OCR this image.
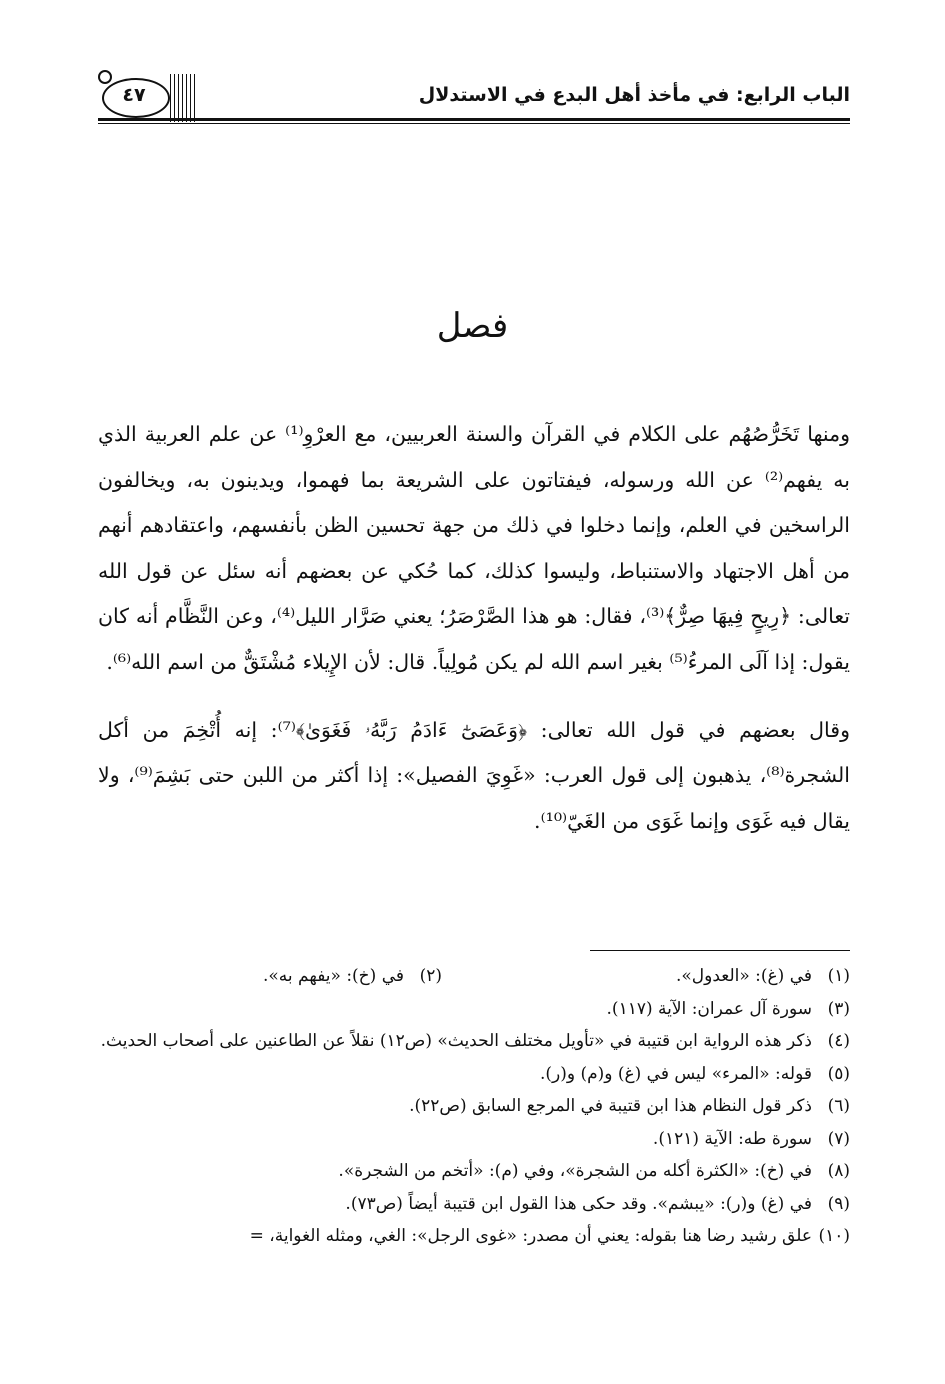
الباب الرابع: في مأخذ أهل البدع في الاستدلال
٤٧
فصل

ومنها تَخَرُّصُهُم على الكلام في القرآن والسنة العربيين، مع العرْوِ⁽¹⁾ عن علم العربية الذي به يفهم⁽²⁾ عن الله ورسوله، فيفتاتون على الشريعة بما فهموا، ويدينون به، ويخالفون الراسخين في العلم، وإنما دخلوا في ذلك من جهة تحسين الظن بأنفسهم، واعتقادهم أنهم من أهل الاجتهاد والاستنباط، وليسوا كذلك، كما حُكي عن بعضهم أنه سئل عن قول الله تعالى: ﴿رِيحٍ فِيهَا صِرٌّ﴾⁽³⁾، فقال: هو هذا الصَّرْصَرُ؛ يعني صَرَّار الليل⁽⁴⁾، وعن النَّظَّام أنه كان يقول: إذا آلَى المرءُ⁽⁵⁾ بغير اسم الله لم يكن مُولِياً. قال: لأن الإِيلاء مُشْتَقٌّ من اسم الله⁽⁶⁾.

وقال بعضهم في قول الله تعالى: ﴿وَعَصَىٰٓ ءَادَمُ رَبَّهُۥ فَغَوَىٰ﴾⁽⁷⁾: إنه أُتْخِمَ من أكل الشجرة⁽⁸⁾، يذهبون إلى قول العرب: «غَوِيَ الفصيل»: إذا أكثر من اللبن حتى بَشِمَ⁽⁹⁾، ولا يقال فيه غَوَى وإنما غَوَى من الغَيّ⁽¹⁰⁾.

(١)
في (غ): «العدول».
(٢)
في (خ): «يفهم به».
(٣)
سورة آل عمران: الآية (١١٧).
(٤)
ذكر هذه الرواية ابن قتيبة في «تأويل مختلف الحديث» (ص١٢) نقلاً عن الطاعنين على أصحاب الحديث.
(٥)
قوله: «المرء» ليس في (غ) و(م) و(ر).
(٦)
ذكر قول النظام هذا ابن قتيبة في المرجع السابق (ص٢٢).
(٧)
سورة طه: الآية (١٢١).
(٨)
في (خ): «الكثرة أكله من الشجرة»، وفي (م): «أتخم من الشجرة».
(٩)
في (غ) و(ر): «يبشم». وقد حكى هذا القول ابن قتيبة أيضاً (ص٧٣).
(١٠)
علق رشيد رضا هنا بقوله: يعني أن مصدر: «غوى الرجل»: الغي، ومثله الغواية، =
